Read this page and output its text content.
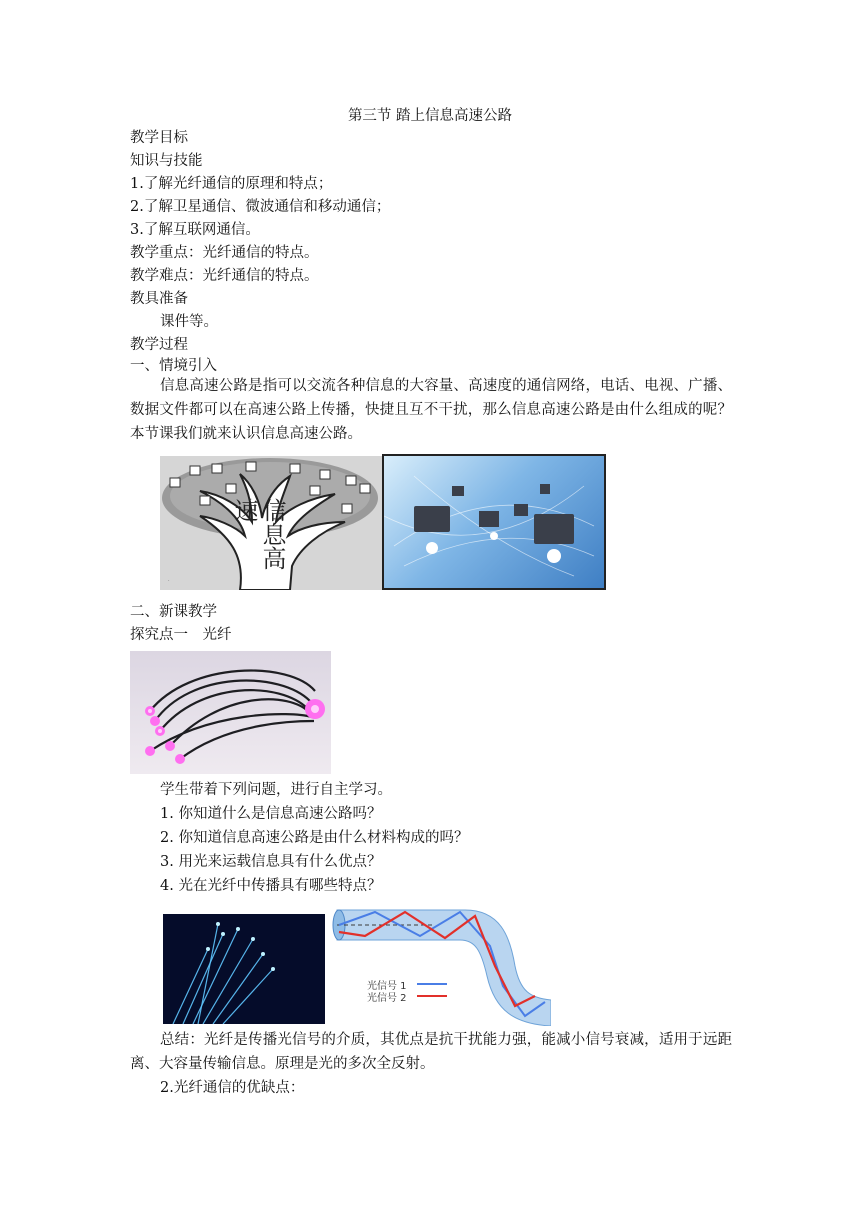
第三节 踏上信息高速公路
教学目标
知识与技能
1.了解光纤通信的原理和特点；
2.了解卫星通信、微波通信和移动通信；
3.了解互联网通信。
教学重点：光纤通信的特点。
教学难点：光纤通信的特点。
教具准备
课件等。
教学过程
一、情境引入
信息高速公路是指可以交流各种信息的大容量、高速度的通信网络，电话、电视、广播、数据文件都可以在高速公路上传播，快捷且互不干扰，那么信息高速公路是由什么组成的呢？本节课我们就来认识信息高速公路。
·
信息高速
二、新课教学
探究点一　光纤
学生带着下列问题，进行自主学习。
1. 你知道什么是信息高速公路吗？
2. 你知道信息高速公路是由什么材料构成的吗？
3. 用光来运载信息具有什么优点？
4. 光在光纤中传播具有哪些特点？
光信号 1
光信号 2
总结：光纤是传播光信号的介质，其优点是抗干扰能力强，能减小信号衰减，适用于远距离、大容量传输信息。原理是光的多次全反射。
2.光纤通信的优缺点：
